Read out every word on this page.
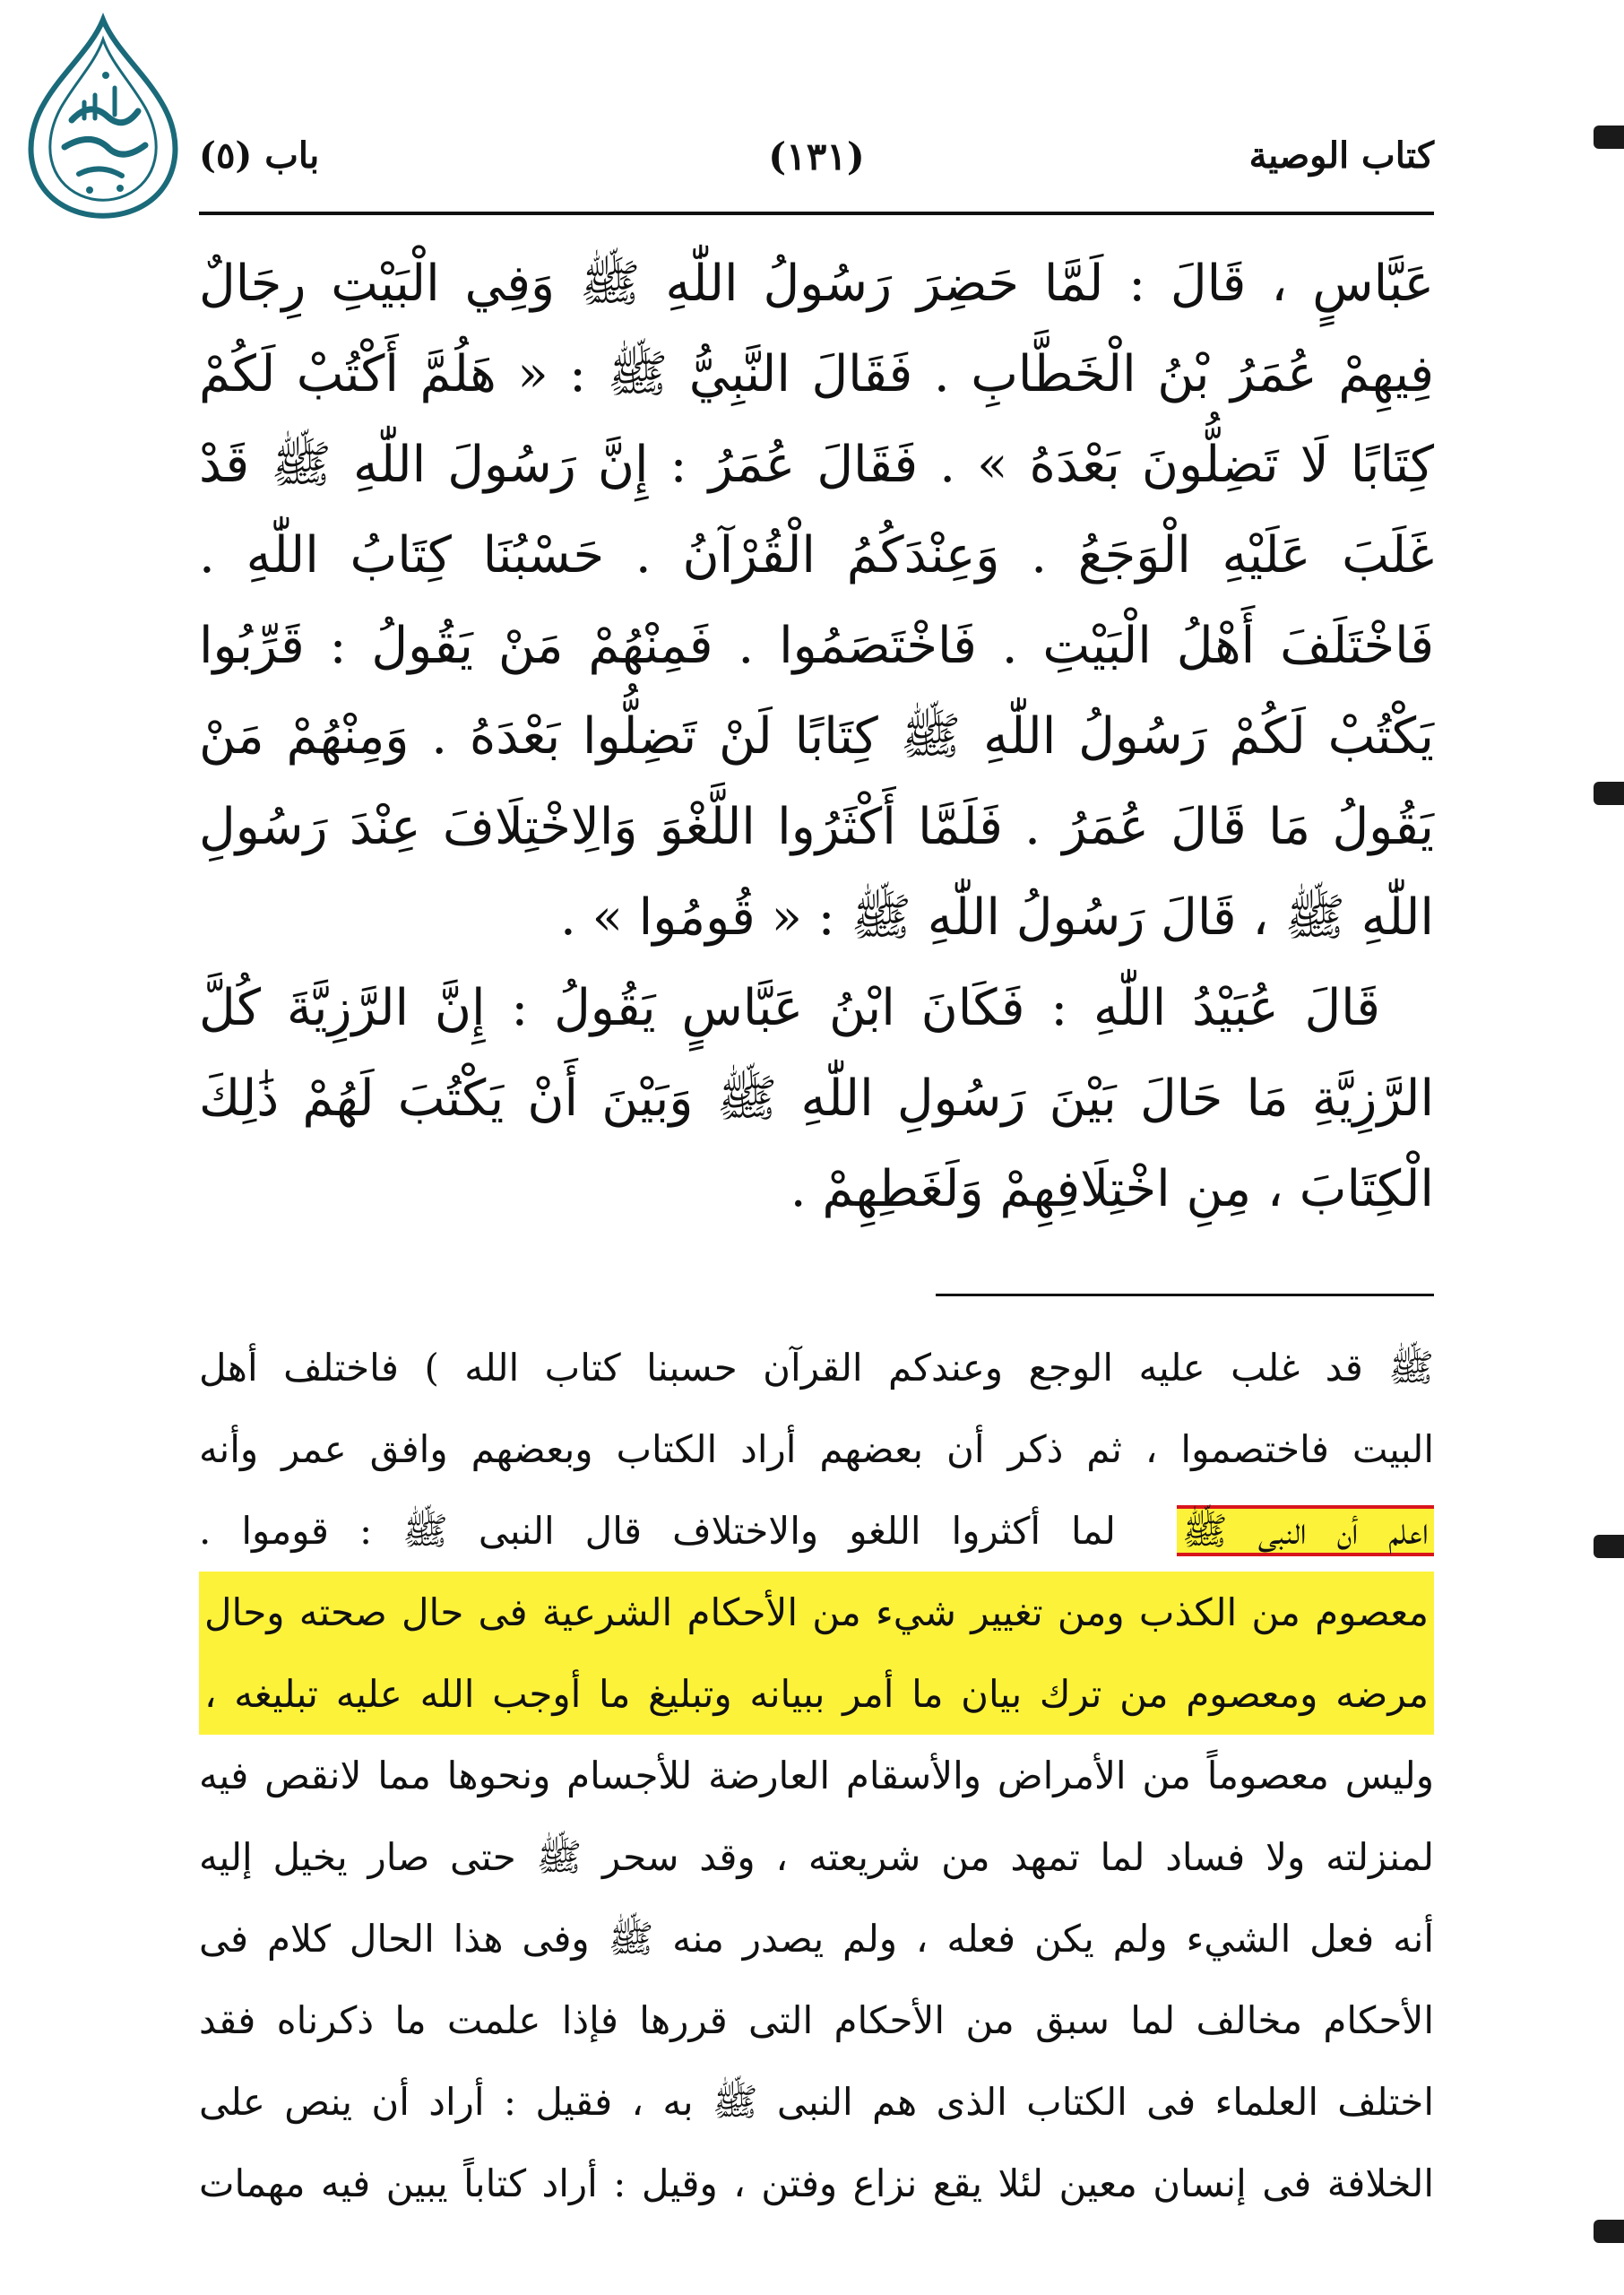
كتاب الوصية
(١٣١)
باب (٥)

عَبَّاسٍ ، قَالَ : لَمَّا حَضِرَ رَسُولُ اللّٰهِ ﷺ وَفِي الْبَيْتِ رِجَالٌ فِيهِمْ عُمَرُ بْنُ الْخَطَّابِ . فَقَالَ النَّبِيُّ ﷺ : « هَلُمَّ أَكْتُبْ لَكُمْ كِتَابًا لَا تَضِلُّونَ بَعْدَهُ » . فَقَالَ عُمَرُ : إِنَّ رَسُولَ اللّٰهِ ﷺ قَدْ غَلَبَ عَلَيْهِ الْوَجَعُ . وَعِنْدَكُمُ الْقُرْآنُ . حَسْبُنَا كِتَابُ اللّٰهِ . فَاخْتَلَفَ أَهْلُ الْبَيْتِ . فَاخْتَصَمُوا . فَمِنْهُمْ مَنْ يَقُولُ : قَرِّبُوا يَكْتُبْ لَكُمْ رَسُولُ اللّٰهِ ﷺ كِتَابًا لَنْ تَضِلُّوا بَعْدَهُ . وَمِنْهُمْ مَنْ يَقُولُ مَا قَالَ عُمَرُ . فَلَمَّا أَكْثَرُوا اللَّغْوَ وَالِاخْتِلَافَ عِنْدَ رَسُولِ اللّٰهِ ﷺ ، قَالَ رَسُولُ اللّٰهِ ﷺ : « قُومُوا » .

قَالَ عُبَيْدُ اللّٰهِ : فَكَانَ ابْنُ عَبَّاسٍ يَقُولُ : إِنَّ الرَّزِيَّةَ كُلَّ الرَّزِيَّةِ مَا حَالَ بَيْنَ رَسُولِ اللّٰهِ ﷺ وَبَيْنَ أَنْ يَكْتُبَ لَهُمْ ذَٰلِكَ الْكِتَابَ ، مِنِ اخْتِلَافِهِمْ وَلَغَطِهِمْ .

ﷺ قد غلب عليه الوجع وعندكم القرآن حسبنا كتاب الله ) فاختلف أهل
البيت فاختصموا ، ثم ذكر أن بعضهم أراد الكتاب وبعضهم وافق عمر وأنه
اعلم أن النبى ﷺ  لما أكثروا اللغو والاختلاف قال النبى ﷺ : قوموا .
معصوم من الكذب ومن تغيير شيء من الأحكام الشرعية فى حال صحته وحال
مرضه ومعصوم من ترك بيان ما أمر ببيانه وتبليغ ما أوجب الله عليه تبليغه ،
وليس معصوماً من الأمراض والأسقام العارضة للأجسام ونحوها مما لانقص فيه
لمنزلته ولا فساد لما تمهد من شريعته ، وقد سحر ﷺ حتى صار يخيل إليه
أنه فعل الشيء ولم يكن فعله ، ولم يصدر منه ﷺ وفى هذا الحال كلام فى
الأحكام مخالف لما سبق من الأحكام التى قررها فإذا علمت ما ذكرناه فقد
اختلف العلماء فى الكتاب الذى هم النبى ﷺ به ، فقيل : أراد أن ينص على
الخلافة فى إنسان معين لئلا يقع نزاع وفتن ، وقيل : أراد كتاباً يبين فيه مهمات
